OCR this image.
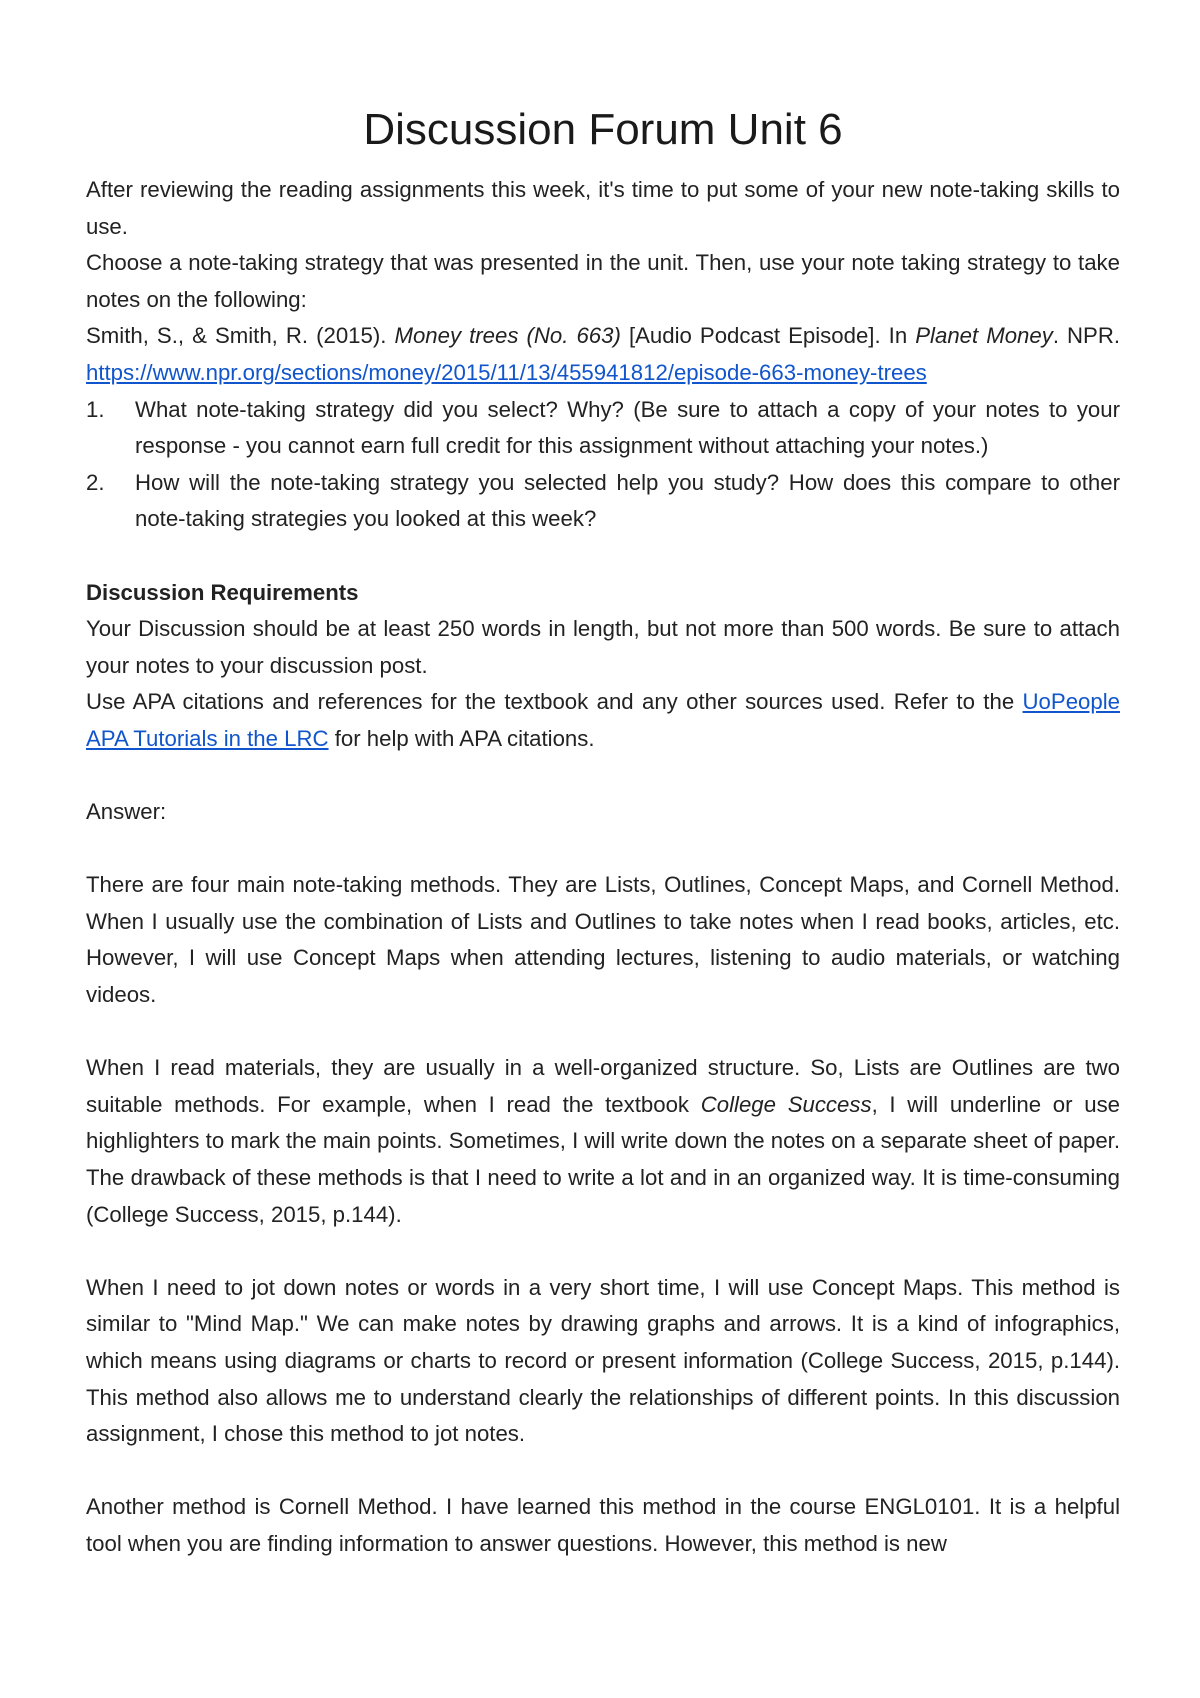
Discussion Forum Unit 6

After reviewing the reading assignments this week, it's time to put some of your new note-taking skills to use.

Choose a note-taking strategy that was presented in the unit. Then, use your note taking strategy to take notes on the following:

Smith, S., & Smith, R. (2015). Money trees (No. 663) [Audio Podcast Episode]. In Planet Money. NPR. https://www.npr.org/sections/money/2015/11/13/455941812/episode-663-money-trees

1. What note-taking strategy did you select? Why? (Be sure to attach a copy of your notes to your response - you cannot earn full credit for this assignment without attaching your notes.)
2. How will the note-taking strategy you selected help you study? How does this compare to other note-taking strategies you looked at this week?

Discussion Requirements

Your Discussion should be at least 250 words in length, but not more than 500 words. Be sure to attach your notes to your discussion post.

Use APA citations and references for the textbook and any other sources used. Refer to the UoPeople APA Tutorials in the LRC for help with APA citations.

Answer:

There are four main note-taking methods. They are Lists, Outlines, Concept Maps, and Cornell Method. When I usually use the combination of Lists and Outlines to take notes when I read books, articles, etc. However, I will use Concept Maps when attending lectures, listening to audio materials, or watching videos.

When I read materials, they are usually in a well-organized structure. So, Lists are Outlines are two suitable methods. For example, when I read the textbook College Success, I will underline or use highlighters to mark the main points. Sometimes, I will write down the notes on a separate sheet of paper. The drawback of these methods is that I need to write a lot and in an organized way. It is time-consuming (College Success, 2015, p.144).

When I need to jot down notes or words in a very short time, I will use Concept Maps. This method is similar to "Mind Map." We can make notes by drawing graphs and arrows. It is a kind of infographics, which means using diagrams or charts to record or present information (College Success, 2015, p.144). This method also allows me to understand clearly the relationships of different points. In this discussion assignment, I chose this method to jot notes.

Another method is Cornell Method. I have learned this method in the course ENGL0101. It is a helpful tool when you are finding information to answer questions. However, this method is new
